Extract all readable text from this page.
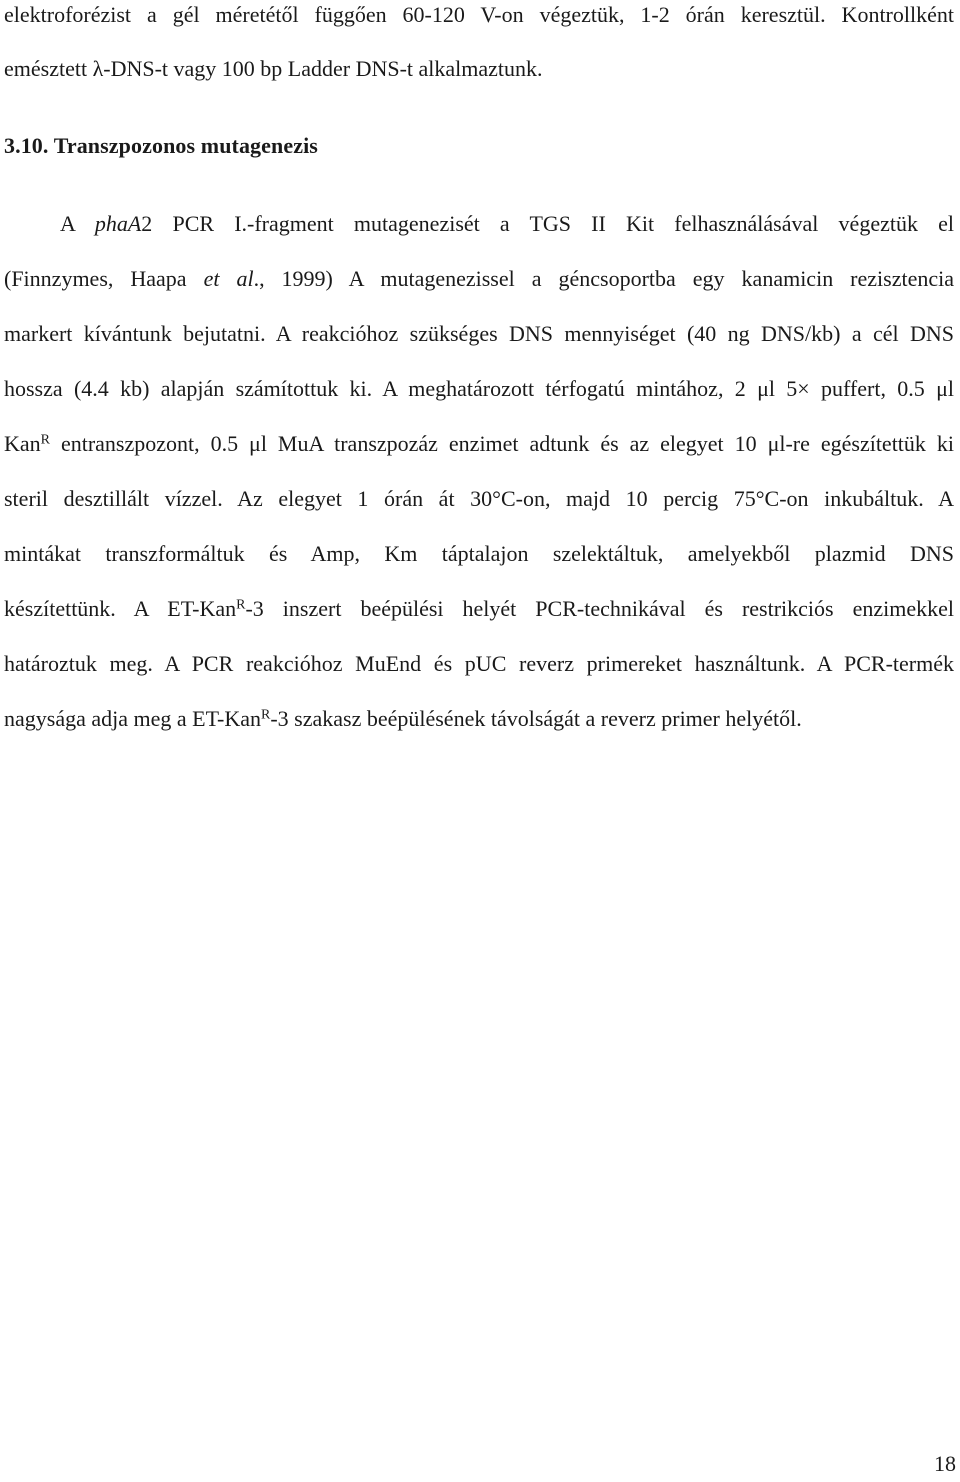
elektroforézist a gél méretétől függően 60-120 V-on végeztük, 1-2 órán keresztül. Kontrollként
emésztett λ-DNS-t vagy 100 bp Ladder DNS-t alkalmaztunk.
3.10. Transzpozonos mutagenezis
A phaA2 PCR I.-fragment mutagenezisét a TGS II Kit felhasználásával végeztük el
(Finnzymes, Haapa et al., 1999) A mutagenezissel a géncsoportba egy kanamicin rezisztencia
markert kívántunk bejutatni. A reakcióhoz szükséges DNS mennyiséget (40 ng DNS/kb) a cél DNS
hossza (4.4 kb) alapján számítottuk ki. A meghatározott térfogatú mintához, 2 μl 5× puffert, 0.5 μl
Kan$^R$ entranszpozont, 0.5 μl MuA transzpozáz enzimet adtunk és az elegyet 10 μl-re egészítettük ki
steril desztillált vízzel. Az elegyet 1 órán át 30°C-on, majd 10 percig 75°C-on inkubáltuk. A
mintákat transzformáltuk és Amp, Km táptalajon szelektáltuk, amelyekből plazmid DNS
készítettünk. A ET-Kan$^R$-3 inszert beépülési helyét PCR-technikával és restrikciós enzimekkel
határoztuk meg. A PCR reakcióhoz MuEnd és pUC reverz primereket használtunk. A PCR-termék
nagysága adja meg a ET-Kan$^R$-3 szakasz beépülésének távolságát a reverz primer helyétől.
18
